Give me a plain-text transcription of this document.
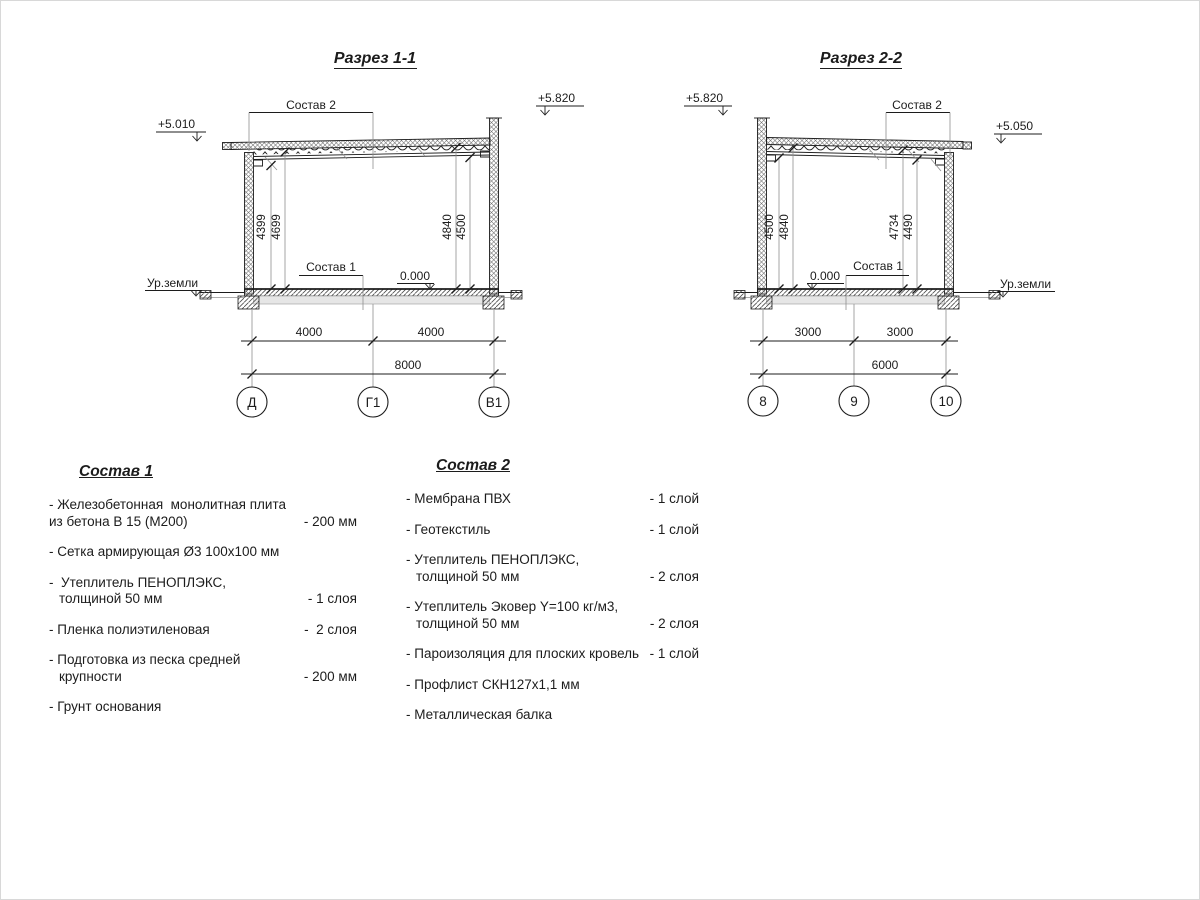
Разрез 1-1
4399 4699	4840 4500
+5.010
+5.820
Состав 2
Состав 1
0.000
Ур.земли
4000	4000
8000
Д	Г1	В1
Разрез 2-2
4500 4840	4734 4490
+5.820	Состав 2
+5.050
0.000
Состав 1
Ур.земли
3000	3000
6000
8	9	10
Состав 1
- Железобетонная  монолитная плита
из бетона В 15 (М200)	- 200 мм
- Сетка армирующая Ø3 100х100 мм
-  Утеплитель ПЕНОПЛЭКС,
толщиной 50 мм	- 1 слоя
- Пленка полиэтиленовая	-  2 слоя
- Подготовка из песка средней
крупности	- 200 мм
- Грунт основания
Состав 2
- Мембрана ПВХ	- 1 слой
- Геотекстиль	- 1 слой
- Утеплитель ПЕНОПЛЭКС,
толщиной 50 мм	- 2 слоя
- Утеплитель Эковер Y=100 кг/м3,
толщиной 50 мм	- 2 слоя
- Пароизоляция для плоских кровель - 1 слой
- Профлист СКН127х1,1 мм
- Металлическая балка
